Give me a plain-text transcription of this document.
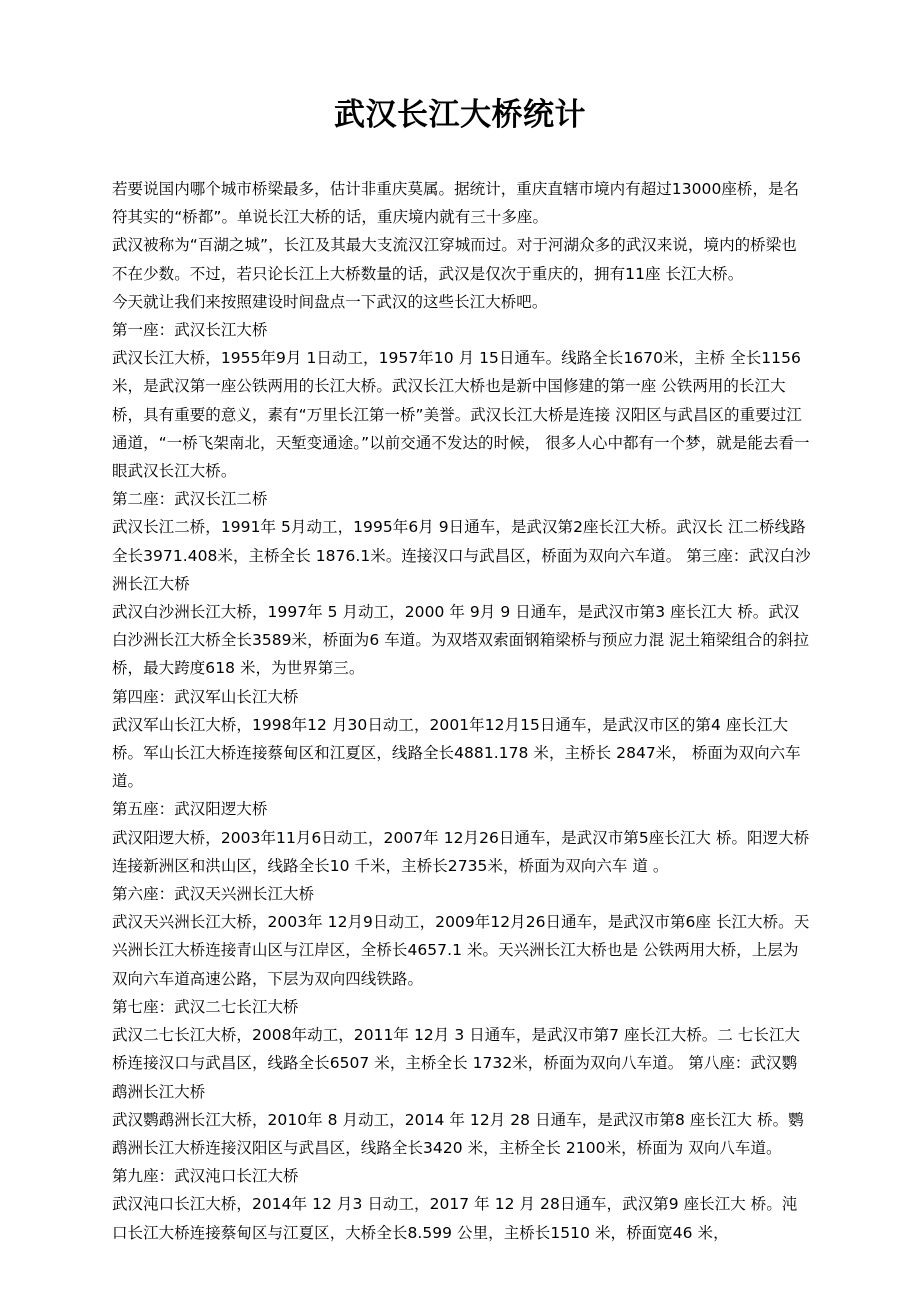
武汉长江大桥统计

若要说国内哪个城市桥梁最多，估计非重庆莫属。据统计，重庆直辖市境内有超过13000座桥，是名符其实的“桥都”。单说长江大桥的话，重庆境内就有三十多座。

武汉被称为“百湖之城”，长江及其最大支流汉江穿城而过。对于河湖众多的武汉来说，境内的桥梁也不在少数。不过，若只论长江上大桥数量的话，武汉是仅次于重庆的，拥有11座 长江大桥。

今天就让我们来按照建设时间盘点一下武汉的这些长江大桥吧。

第一座：武汉长江大桥

武汉长江大桥，1955年9月 1日动工，1957年10 月 15日通车。线路全长1670米，主桥 全长1156 米，是武汉第一座公铁两用的长江大桥。武汉长江大桥也是新中国修建的第一座 公铁两用的长江大桥，具有重要的意义，素有“万里长江第一桥”美誉。武汉长江大桥是连接 汉阳区与武昌区的重要过江通道，“一桥飞架南北，天堑变通途。”以前交通不发达的时候， 很多人心中都有一个梦，就是能去看一眼武汉长江大桥。

第二座：武汉长江二桥

武汉长江二桥，1991年 5月动工，1995年6月 9日通车，是武汉第2座长江大桥。武汉长 江二桥线路全长3971.408米，主桥全长 1876.1米。连接汉口与武昌区，桥面为双向六车道。 第三座：武汉白沙洲长江大桥

武汉白沙洲长江大桥，1997年 5 月动工，2000 年 9月 9 日通车，是武汉市第3 座长江大 桥。武汉白沙洲长江大桥全长3589米，桥面为6 车道。为双塔双索面钢箱梁桥与预应力混 泥土箱梁组合的斜拉桥，最大跨度618 米，为世界第三。

第四座：武汉军山长江大桥

武汉军山长江大桥，1998年12 月30日动工，2001年12月15日通车，是武汉市区的第4 座长江大桥。军山长江大桥连接蔡甸区和江夏区，线路全长4881.178 米，主桥长 2847米， 桥面为双向六车道。

第五座：武汉阳逻大桥

武汉阳逻大桥，2003年11月6日动工，2007年 12月26日通车，是武汉市第5座长江大 桥。阳逻大桥连接新洲区和洪山区，线路全长10 千米，主桥长2735米，桥面为双向六车 道 。

第六座：武汉天兴洲长江大桥

武汉天兴洲长江大桥，2003年 12月9日动工，2009年12月26日通车，是武汉市第6座 长江大桥。天兴洲长江大桥连接青山区与江岸区，全桥长4657.1 米。天兴洲长江大桥也是 公铁两用大桥，上层为双向六车道高速公路，下层为双向四线铁路。

第七座：武汉二七长江大桥

武汉二七长江大桥，2008年动工，2011年 12月 3 日通车，是武汉市第7 座长江大桥。二 七长江大桥连接汉口与武昌区，线路全长6507 米，主桥全长 1732米，桥面为双向八车道。 第八座：武汉鹦鹉洲长江大桥

武汉鹦鹉洲长江大桥，2010年 8 月动工，2014 年 12月 28 日通车，是武汉市第8 座长江大 桥。鹦鹉洲长江大桥连接汉阳区与武昌区，线路全长3420 米，主桥全长 2100米，桥面为 双向八车道。

第九座：武汉沌口长江大桥

武汉沌口长江大桥，2014年 12 月3 日动工，2017 年 12 月 28日通车，武汉第9 座长江大 桥。沌口长江大桥连接蔡甸区与江夏区，大桥全长8.599 公里，主桥长1510 米，桥面宽46 米，
